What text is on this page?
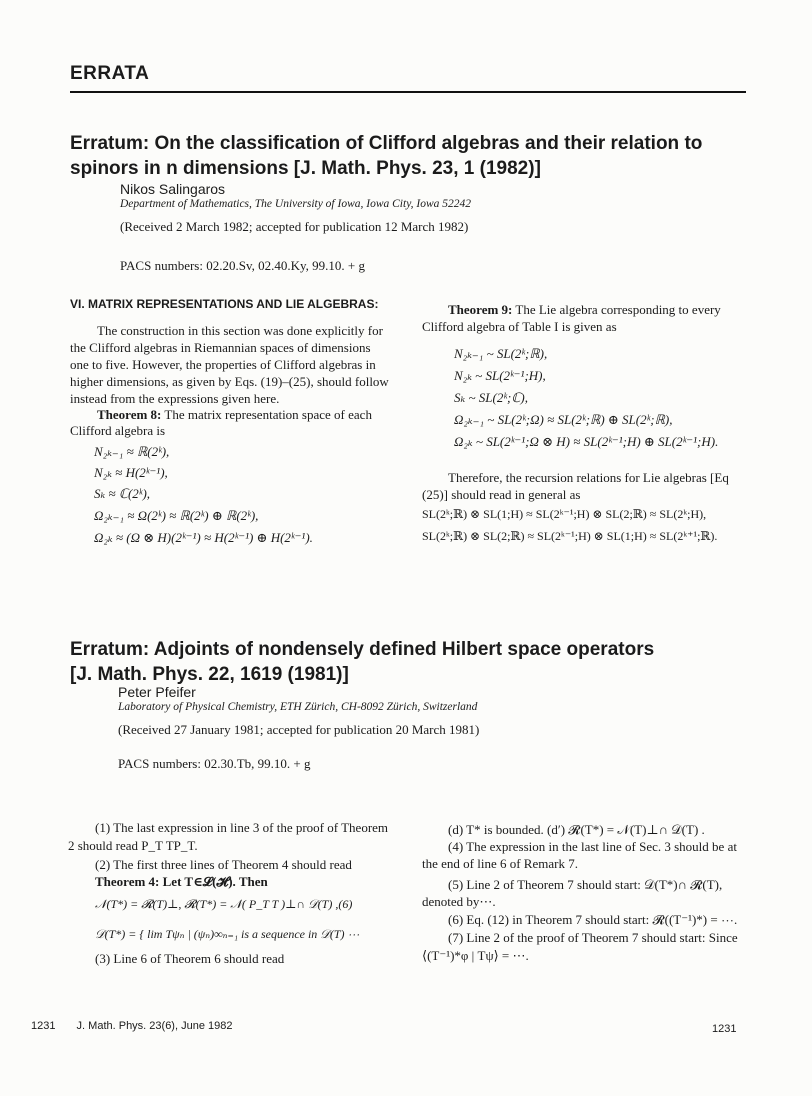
ERRATA
Erratum: On the classification of Clifford algebras and their relation to
spinors in n dimensions [J. Math. Phys. 23, 1 (1982)]
Nikos Salingaros
Department of Mathematics, The University of Iowa, Iowa City, Iowa 52242
(Received 2 March 1982; accepted for publication 12 March 1982)
PACS numbers: 02.20.Sv, 02.40.Ky, 99.10. + g
VI. MATRIX REPRESENTATIONS AND LIE ALGEBRAS:
The construction in this section was done explicitly for
the Clifford algebras in Riemannian spaces of dimensions
one to five. However, the properties of Clifford algebras in
higher dimensions, as given by Eqs. (19)–(25), should follow
instead from the expressions given here.
Theorem 8: The matrix representation space of each
Clifford algebra is
N₂ₖ₋₁ ≈ ℝ(2ᵏ),
N₂ₖ ≈ H(2ᵏ⁻¹),
Sₖ ≈ ℂ(2ᵏ),
Ω₂ₖ₋₁ ≈ Ω(2ᵏ) ≈ ℝ(2ᵏ) ⊕ ℝ(2ᵏ),
Ω₂ₖ ≈ (Ω ⊗ H)(2ᵏ⁻¹) ≈ H(2ᵏ⁻¹) ⊕ H(2ᵏ⁻¹).
Theorem 9: The Lie algebra corresponding to every
Clifford algebra of Table I is given as
N₂ₖ₋₁ ~ SL(2ᵏ;ℝ),
N₂ₖ ~ SL(2ᵏ⁻¹;H),
Sₖ ~ SL(2ᵏ;ℂ),
Ω₂ₖ₋₁ ~ SL(2ᵏ;Ω) ≈ SL(2ᵏ;ℝ) ⊕ SL(2ᵏ;ℝ),
Ω₂ₖ ~ SL(2ᵏ⁻¹;Ω ⊗ H) ≈ SL(2ᵏ⁻¹;H) ⊕ SL(2ᵏ⁻¹;H).
Therefore, the recursion relations for Lie algebras [Eq
(25)] should read in general as
SL(2ᵏ;ℝ) ⊗ SL(1;H) ≈ SL(2ᵏ⁻¹;H) ⊗ SL(2;ℝ) ≈ SL(2ᵏ;H),
SL(2ᵏ;ℝ) ⊗ SL(2;ℝ) ≈ SL(2ᵏ⁻¹;H) ⊗ SL(1;H) ≈ SL(2ᵏ⁺¹;ℝ).
Erratum: Adjoints of nondensely defined Hilbert space operators
[J. Math. Phys. 22, 1619 (1981)]
Peter Pfeifer
Laboratory of Physical Chemistry, ETH Zürich, CH-8092 Zürich, Switzerland
(Received 27 January 1981; accepted for publication 20 March 1981)
PACS numbers: 02.30.Tb, 99.10. + g
(1) The last expression in line 3 of the proof of Theorem
2 should read P_T TP_T.
(2) The first three lines of Theorem 4 should read
Theorem 4: Let T∈𝓛(𝓗). Then
𝒩(T*) = 𝓡(T)⊥, 𝓡(T*) = 𝒩( P_T T )⊥∩ 𝒟(T) ,(6)
𝒟(T*) = { lim Tψₙ | (ψₙ)∞ₙ₌₁ is a sequence in 𝒟(T) ⋯
(3) Line 6 of Theorem 6 should read
(d) T* is bounded. (d′) 𝓡(T*) = 𝒩(T)⊥∩ 𝒟(T) .
(4) The expression in the last line of Sec. 3 should be at
the end of line 6 of Remark 7.
(5) Line 2 of Theorem 7 should start: 𝒟(T*)∩ 𝓡(T),
denoted by⋯.
(6) Eq. (12) in Theorem 7 should start: 𝓡((T⁻¹)*) = ⋯.
(7) Line 2 of the proof of Theorem 7 should start: Since
⟨(T⁻¹)*φ | Tψ⟩ = ⋯.
1231 J. Math. Phys. 23(6), June 1982	1231
